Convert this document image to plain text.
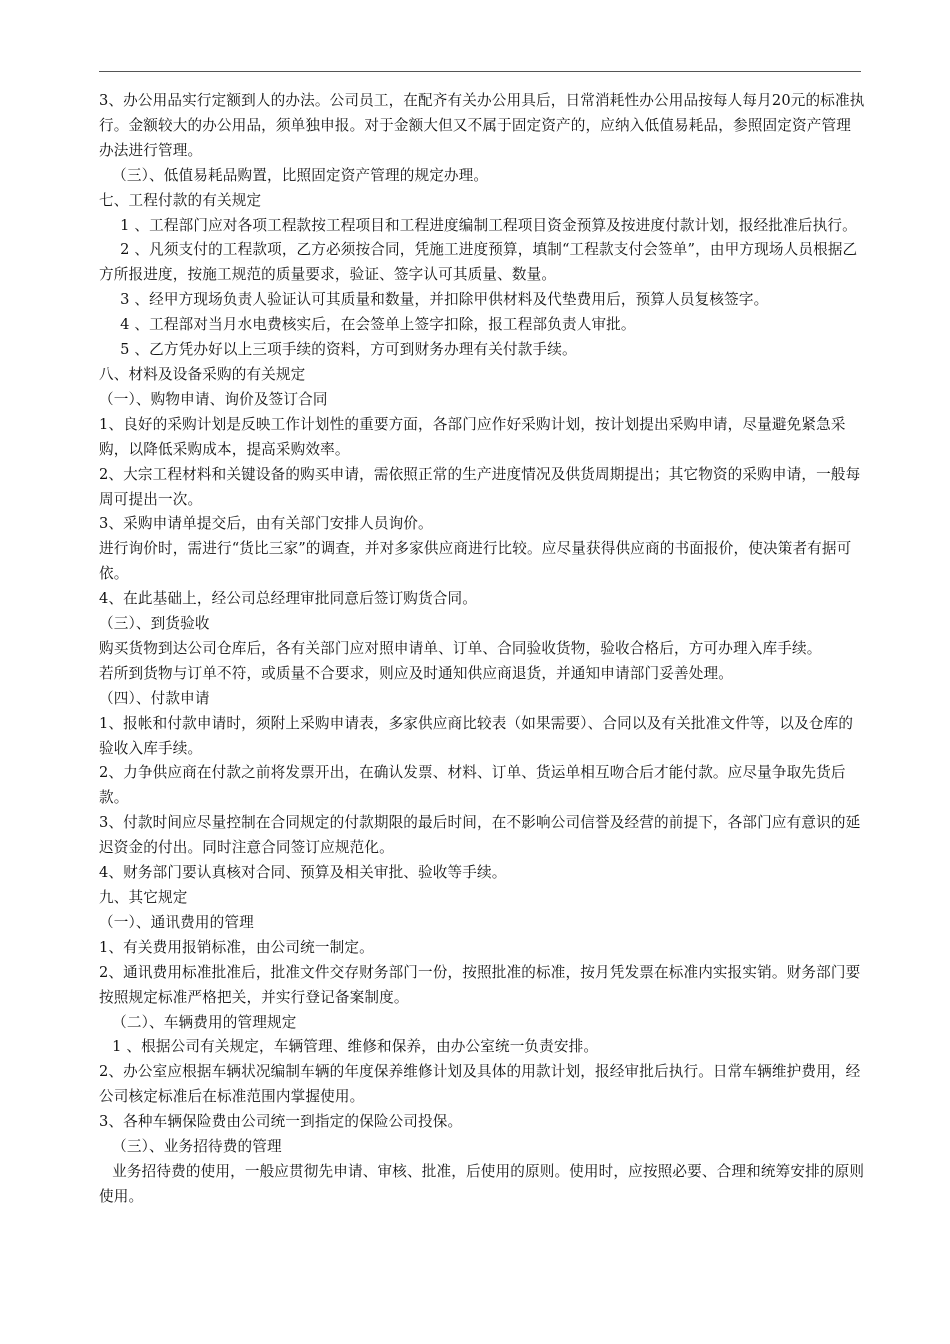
3、办公用品实行定额到人的办法。公司员工，在配齐有关办公用具后，日常消耗性办公用品按每人每月20元的标准执行。金额较大的办公用品，须单独申报。对于金额大但又不属于固定资产的，应纳入低值易耗品，参照固定资产管理办法进行管理。

（三）、低值易耗品购置，比照固定资产管理的规定办理。

七、工程付款的有关规定

1 、工程部门应对各项工程款按工程项目和工程进度编制工程项目资金预算及按进度付款计划，报经批准后执行。

2 、凡须支付的工程款项，乙方必须按合同，凭施工进度预算，填制“工程款支付会签单”，由甲方现场人员根据乙方所报进度，按施工规范的质量要求，验证、签字认可其质量、数量。

3 、经甲方现场负责人验证认可其质量和数量，并扣除甲供材料及代垫费用后，预算人员复核签字。

4 、工程部对当月水电费核实后，在会签单上签字扣除，报工程部负责人审批。

5 、乙方凭办好以上三项手续的资料，方可到财务办理有关付款手续。

八、材料及设备采购的有关规定

（一）、购物申请、询价及签订合同

1、良好的采购计划是反映工作计划性的重要方面，各部门应作好采购计划，按计划提出采购申请，尽量避免紧急采购，以降低采购成本，提高采购效率。

2、大宗工程材料和关键设备的购买申请，需依照正常的生产进度情况及供货周期提出；其它物资的采购申请，一般每周可提出一次。

3、采购申请单提交后，由有关部门安排人员询价。

进行询价时，需进行“货比三家”的调查，并对多家供应商进行比较。应尽量获得供应商的书面报价，使决策者有据可依。

4、在此基础上，经公司总经理审批同意后签订购货合同。

（三）、到货验收

购买货物到达公司仓库后，各有关部门应对照申请单、订单、合同验收货物，验收合格后，方可办理入库手续。

若所到货物与订单不符，或质量不合要求，则应及时通知供应商退货，并通知申请部门妥善处理。

（四）、付款申请

1、报帐和付款申请时，须附上采购申请表，多家供应商比较表（如果需要）、合同以及有关批准文件等，以及仓库的验收入库手续。

2、力争供应商在付款之前将发票开出，在确认发票、材料、订单、货运单相互吻合后才能付款。应尽量争取先货后款。

3、付款时间应尽量控制在合同规定的付款期限的最后时间，在不影响公司信誉及经营的前提下，各部门应有意识的延迟资金的付出。同时注意合同签订应规范化。

4、财务部门要认真核对合同、预算及相关审批、验收等手续。

九、其它规定

（一）、通讯费用的管理

1、有关费用报销标准，由公司统一制定。

2、通讯费用标准批准后，批准文件交存财务部门一份，按照批准的标准，按月凭发票在标准内实报实销。财务部门要按照规定标准严格把关，并实行登记备案制度。

（二）、车辆费用的管理规定

1 、根据公司有关规定，车辆管理、维修和保养，由办公室统一负责安排。

2、办公室应根据车辆状况编制车辆的年度保养维修计划及具体的用款计划，报经审批后执行。日常车辆维护费用，经公司核定标准后在标准范围内掌握使用。

3、各种车辆保险费由公司统一到指定的保险公司投保。

（三）、业务招待费的管理

业务招待费的使用，一般应贯彻先申请、审核、批准，后使用的原则。使用时，应按照必要、合理和统筹安排的原则使用。
